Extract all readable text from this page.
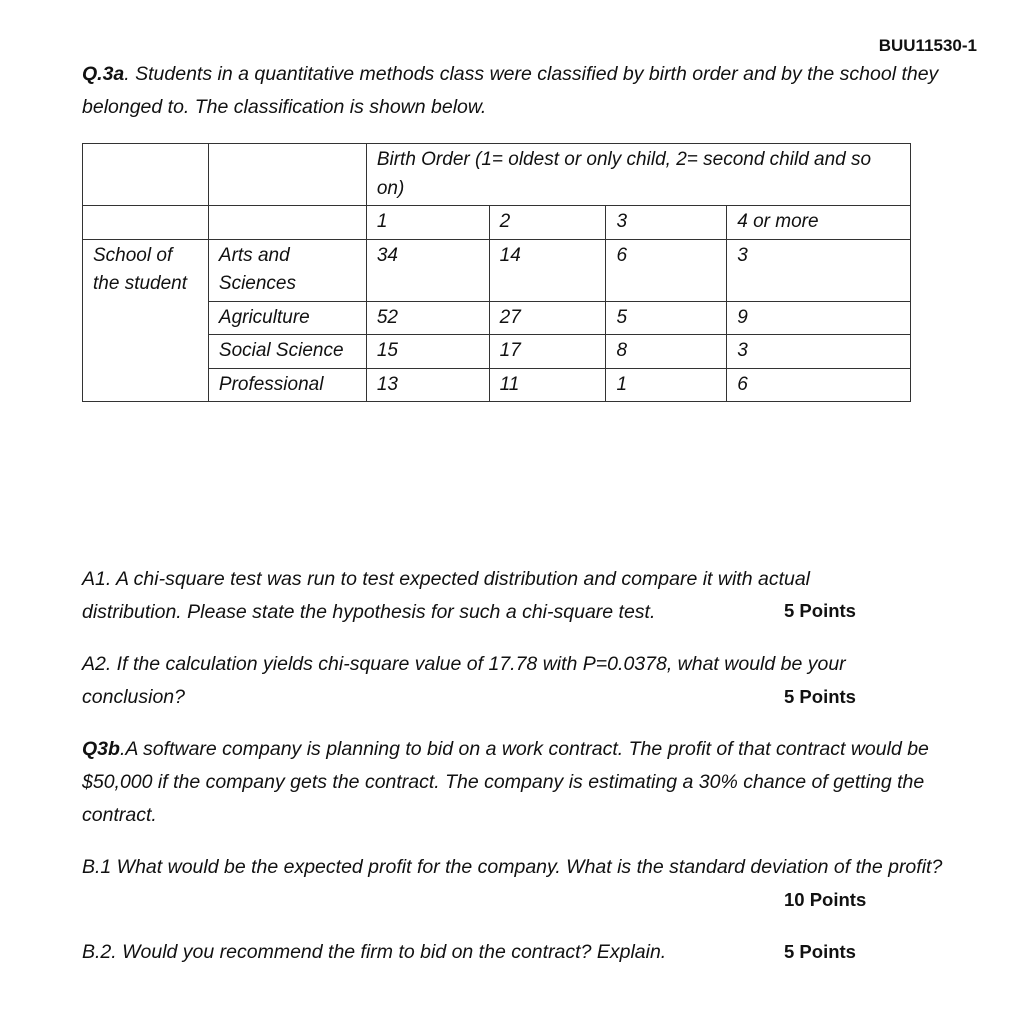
BUU11530-1
Q.3a. Students in a quantitative methods class were classified by birth order and by the school they belonged to. The classification is shown below.
		Birth Order (1= oldest or only child, 2= second child and so on)			
		1	2	3	4 or more
School of the student	Arts and Sciences	34	14	6	3
	Agriculture	52	27	5	9
	Social Science	15	17	8	3
	Professional	13	11	1	6
A1. A chi-square test was run to test expected distribution and compare it with actual distribution. Please state the hypothesis for such a chi-square test.	5 Points
A2. If the calculation yields chi-square value of 17.78 with P=0.0378, what would be your conclusion?	5 Points
Q3b.A software company is planning to bid on a work contract. The profit of that contract would be $50,000 if the company gets the contract. The company is estimating a 30% chance of getting the contract.
B.1 What would be the expected profit for the company. What is the standard deviation of the profit?
10 Points
B.2. Would you recommend the firm to bid on the contract? Explain.	5 Points
